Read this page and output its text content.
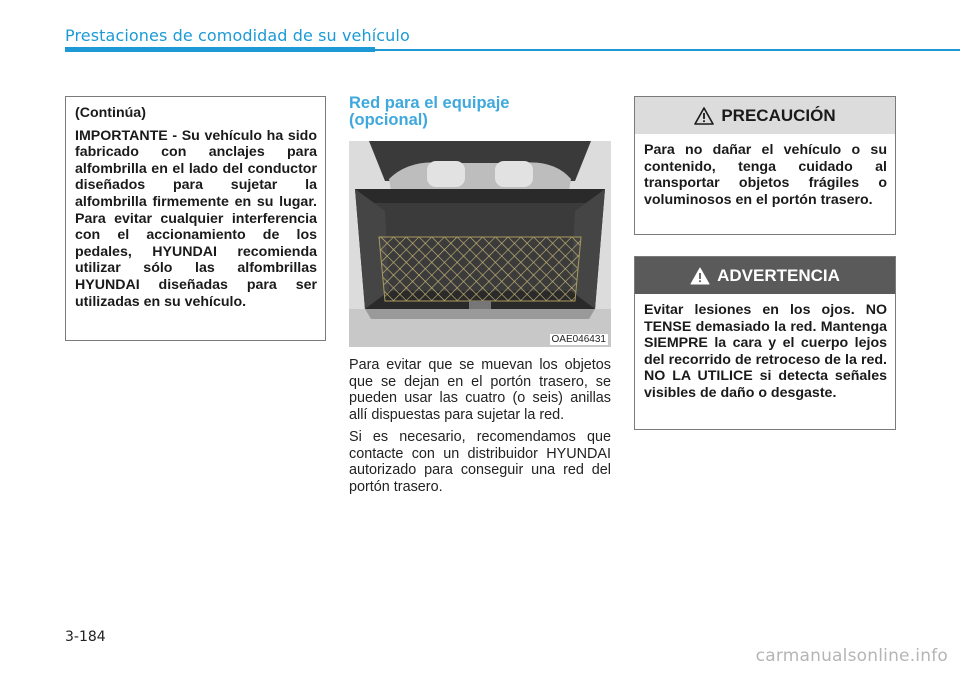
Prestaciones de comodidad de su vehículo

(Continúa)

IMPORTANTE - Su vehículo ha sido fabricado con anclajes para alfombrilla en el lado del conductor diseñados para sujetar la alfombrilla firmemente en su lugar. Para evitar cualquier interferencia con el accionamiento de los pedales, HYUNDAI recomienda utilizar sólo las alfombrillas HYUNDAI diseñadas para ser utilizadas en su vehículo.

Red para el equipaje
(opcional)
OAE046431

Para evitar que se muevan los objetos que se dejan en el portón trasero, se pueden usar las cuatro (o seis) anillas allí dispuestas para sujetar la red.

Si es necesario, recomendamos que contacte con un distribuidor HYUNDAI autorizado para conseguir una red del portón trasero.

PRECAUCIÓN

Para no dañar el vehículo o su contenido, tenga cuidado al transportar objetos frágiles o voluminosos en el portón trasero.

ADVERTENCIA

Evitar lesiones en los ojos. NO TENSE demasiado la red. Mantenga SIEMPRE la cara y el cuerpo lejos del recorrido de retroceso de la red. NO LA UTILICE si detecta señales visibles de daño o desgaste.

3-184
carmanualsonline.info
